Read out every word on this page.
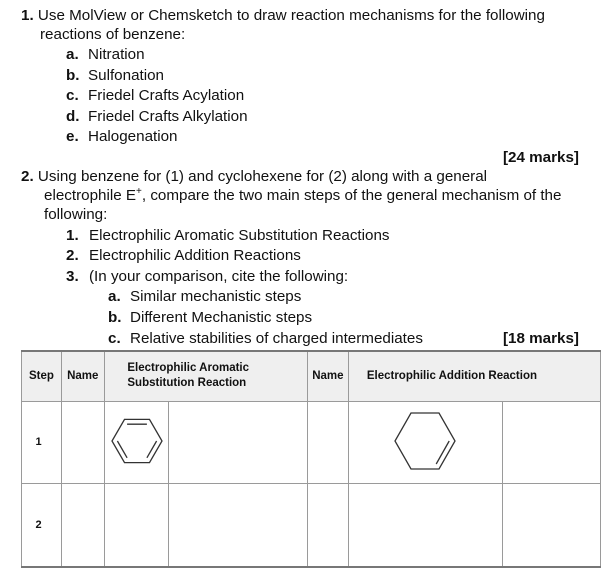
1. Use MolView or Chemsketch to draw reaction mechanisms for the following
reactions of benzene:
a. Nitration
b. Sulfonation
c. Friedel Crafts Acylation
d. Friedel Crafts Alkylation
e. Halogenation
[24 marks]
2. Using benzene for (1) and cyclohexene for (2) along with a general
electrophile E+, compare the two main steps of the general mechanism of the
following:
1. Electrophilic Aromatic Substitution Reactions
2. Electrophilic Addition Reactions
3. (In your comparison, cite the following:
a. Similar mechanistic steps
b. Different Mechanistic steps
c. Relative stabilities of charged intermediates	[18 marks]
Step	Name	Electrophilic Aromatic Substitution Reaction		Name	Electrophilic Addition Reaction	
1						
2						
